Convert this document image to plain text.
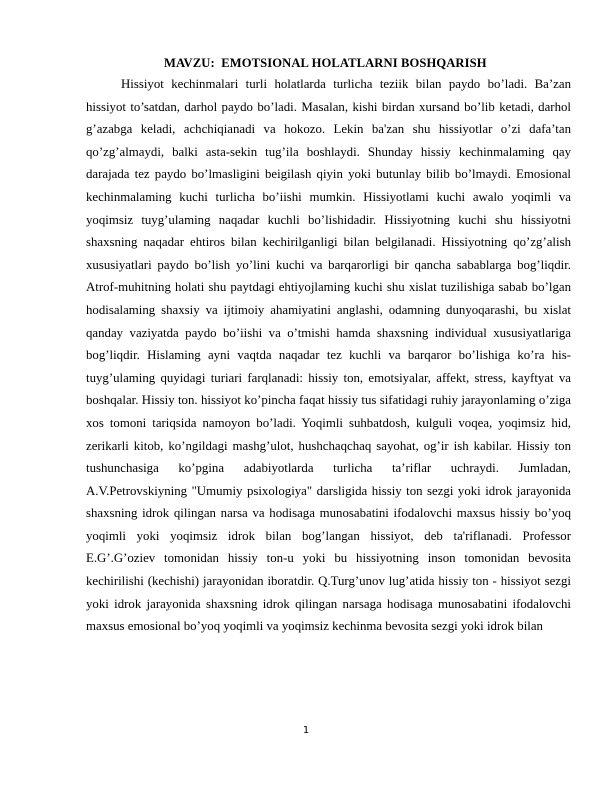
MAVZU:  EMOTSIONAL HOLATLARNI BOSHQARISH

Hissiyot kechinmalari turli holatlarda turlicha teziik bilan paydo bo’ladi. Ba’zan hissiyot to’satdan, darhol paydo bo’ladi. Masalan, kishi birdan xursand bo’lib ketadi, darhol g’azabga keladi, achchiqianadi va hokozo. Lekin ba'zan shu hissiyotlar o’zi dafa’tan qo’zg’almaydi, balki asta-sekin tug’ila boshlaydi. Shunday hissiy kechinmalaming qay darajada tez paydo bo’lmasligini beigilash qiyin yoki butunlay bilib bo’lmaydi. Emosional kechinmalaming kuchi turlicha bo’iishi mumkin. Hissiyotlami kuchi awalo yoqimli va yoqimsiz tuyg’ulaming naqadar kuchli bo’lishidadir. Hissiyotning kuchi shu hissiyotni shaxsning naqadar ehtiros bilan kechirilganligi bilan belgilanadi. Hissiyotning qo’zg’alish xususiyatlari paydo bo’lish yo’lini kuchi va barqarorligi bir qancha sabablarga bog’liqdir. Atrof-muhitning holati shu paytdagi ehtiyojlaming kuchi shu xislat tuzilishiga sabab bo’lgan hodisalaming shaxsiy va ijtimoiy ahamiyatini anglashi, odamning dunyoqarashi, bu xislat qanday vaziyatda paydo bo’iishi va o’tmishi hamda shaxsning individual xususiyatlariga bog’liqdir. Hislaming ayni vaqtda naqadar tez kuchli va barqaror bo’lishiga ko’ra his-tuyg’ulaming quyidagi turiari farqlanadi: hissiy ton, emotsiyalar, affekt, stress, kayftyat va boshqalar. Hissiy ton. hissiyot ko’pincha faqat hissiy tus sifatidagi ruhiy jarayonlaming o’ziga xos tomoni tariqsida namoyon bo’ladi. Yoqimli suhbatdosh, kulguli voqea, yoqimsiz hid, zerikarli kitob, ko’ngildagi mashg’ulot, hushchaqchaq sayohat, og’ir ish kabilar. Hissiy ton tushunchasiga ko’pgina adabiyotlarda turlicha ta’riflar uchraydi. Jumladan, A.V.Petrovskiyning "Umumiy psixologiya" darsligida hissiy ton sezgi yoki idrok jarayonida shaxsning idrok qilingan narsa va hodisaga munosabatini ifodalovchi maxsus hissiy bo’yoq yoqimli yoki yoqimsiz idrok bilan bog’langan hissiyot, deb ta'riflanadi. Professor E.G’.G’oziev tomonidan hissiy ton-u yoki bu hissiyotning inson tomonidan bevosita kechirilishi (kechishi) jarayonidan iboratdir. Q.Turg’unov lug’atida hissiy ton - hissiyot sezgi yoki idrok jarayonida shaxsning idrok qilingan narsaga hodisaga munosabatini ifodalovchi maxsus emosional bo’yoq yoqimli va yoqimsiz kechinma bevosita sezgi yoki idrok bilan

1
